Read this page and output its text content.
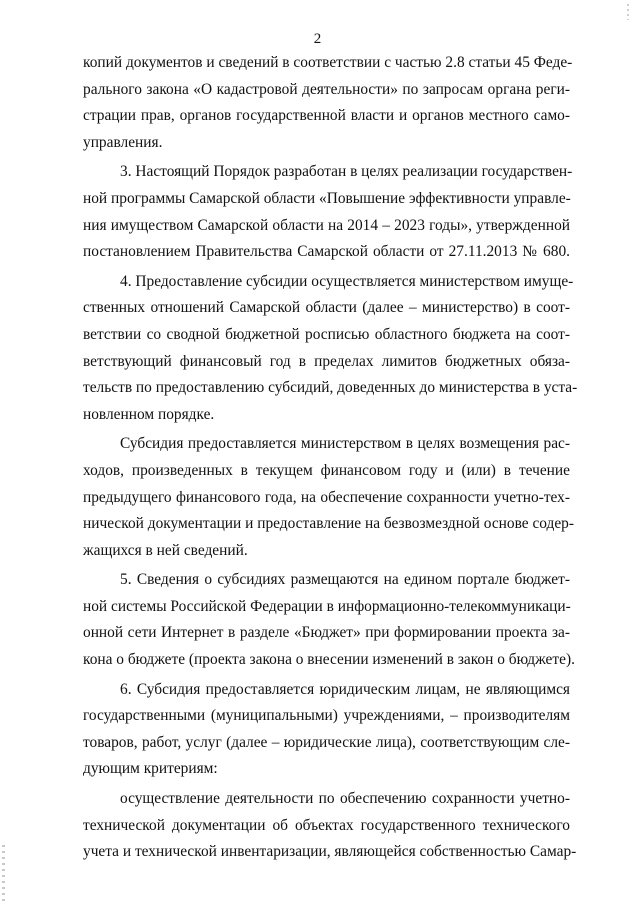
2
копий документов и сведений в соответствии с частью 2.8 статьи 45 Феде-
рального закона «О кадастровой деятельности» по запросам органа реги-
страции прав, органов государственной власти и органов местного само-
управления.
3. Настоящий Порядок разработан в целях реализации государствен-
ной программы Самарской области «Повышение эффективности управле-
ния имуществом Самарской области на 2014 – 2023 годы», утвержденной
постановлением Правительства Самарской области от 27.11.2013 № 680.
4. Предоставление субсидии осуществляется министерством имуще-
ственных отношений Самарской области (далее – министерство) в соот-
ветствии со сводной бюджетной росписью областного бюджета на соот-
ветствующий финансовый год в пределах лимитов бюджетных обяза-
тельств по предоставлению субсидий, доведенных до министерства в уста-
новленном порядке.
Субсидия предоставляется министерством в целях возмещения рас-
ходов, произведенных в текущем финансовом году и (или) в течение
предыдущего финансового года, на обеспечение сохранности учетно-тех-
нической документации и предоставление на безвозмездной основе содер-
жащихся в ней сведений.
5. Сведения о субсидиях размещаются на едином портале бюджет-
ной системы Российской Федерации в информационно-телекоммуникаци-
онной сети Интернет в разделе «Бюджет» при формировании проекта за-
кона о бюджете (проекта закона о внесении изменений в закон о бюджете).
6. Субсидия предоставляется юридическим лицам, не являющимся
государственными (муниципальными) учреждениями, – производителям
товаров, работ, услуг (далее – юридические лица), соответствующим сле-
дующим критериям:
осуществление деятельности по обеспечению сохранности учетно-
технической документации об объектах государственного технического
учета и технической инвентаризации, являющейся собственностью Самар-
